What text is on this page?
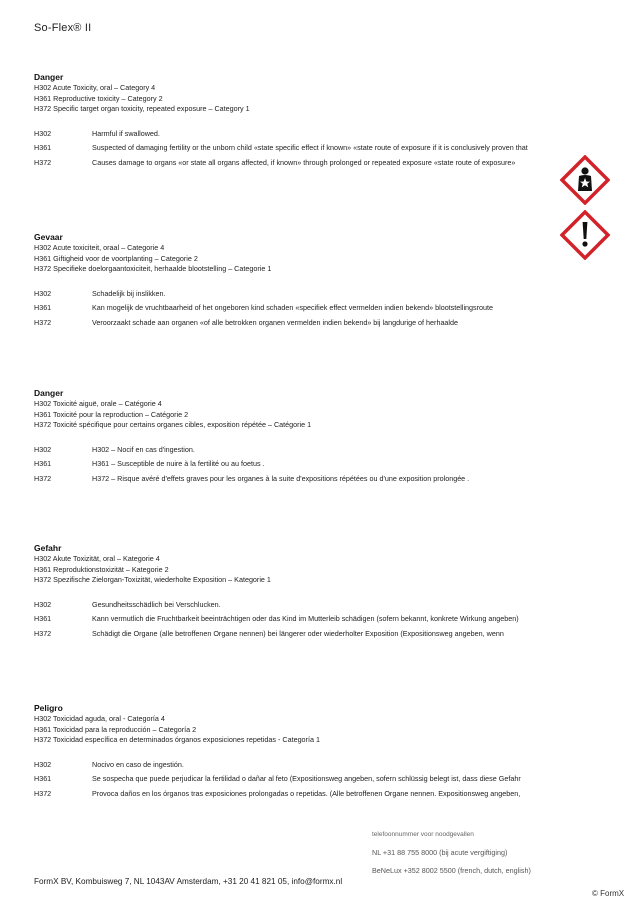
So-Flex® II
Danger
H302 Acute Toxicity, oral – Category 4
H361 Reproductive toxicity – Category 2
H372 Specific target organ toxicity, repeated exposure – Category 1
H302	Harmful if swallowed.
H361	Suspected of damaging fertility or the unborn child «state specific effect if known» «state route of exposure if it is conclusively proven that
H372	Causes damage to organs «or state all organs affected, if known» through prolonged or repeated exposure «state route of exposure»
Gevaar
H302 Acute toxiciteit, oraal – Categorie 4
H361 Giftigheid voor de voortplanting – Categorie 2
H372 Specifieke doelorgaantoxiciteit, herhaalde blootstelling – Categorie 1
H302	Schadelijk bij inslikken.
H361	Kan mogelijk de vruchtbaarheid of het ongeboren kind schaden «specifiek effect vermelden indien bekend» blootstellingsroute
H372	Veroorzaakt schade aan organen «of alle betrokken organen vermelden indien bekend» bij langdurige of herhaalde
Danger
H302 Toxicité aiguë, orale – Catégorie 4
H361 Toxicité pour la reproduction – Catégorie 2
H372 Toxicité spécifique pour certains organes cibles, exposition répétée – Catégorie 1
H302	H302 – Nocif en cas d'ingestion.
H361	H361 – Susceptible de nuire à la fertilité ou au foetus .
H372	H372 – Risque avéré d'effets graves pour les organes à la suite d'expositions répétées ou d'une exposition prolongée .
Gefahr
H302 Akute Toxizität, oral – Kategorie 4
H361 Reproduktionstoxizität – Kategorie 2
H372 Spezifische Zielorgan-Toxizität, wiederholte Exposition – Kategorie 1
H302	Gesundheitsschädlich bei Verschlucken.
H361	Kann vermutlich die Fruchtbarkeit beeinträchtigen oder das Kind im Mutterleib schädigen (sofern bekannt, konkrete Wirkung angeben)
H372	Schädigt die Organe (alle betroffenen Organe nennen) bei längerer oder wiederholter Exposition (Expositionsweg angeben, wenn
Peligro
H302 Toxicidad aguda, oral - Categoría 4
H361 Toxicidad para la reproducción – Categoría 2
H372 Toxicidad específica en determinados órganos exposiciones repetidas - Categoría 1
H302	Nocivo en caso de ingestión.
H361	Se sospecha que puede perjudicar la fertilidad o dañar al feto (Expositionsweg angeben, sofern schlüssig belegt ist, dass diese Gefahr
H372	Provoca daños en los órganos tras exposiciones prolongadas o repetidas. (Alle betroffenen Organe nennen. Expositionsweg angeben,
telefoonnummer voor noodgevallen
NL +31 88 755 8000 (bij acute vergiftiging)
BeNeLux +352 8002 5500 (french, dutch, english)
FormX BV, Kombuisweg 7, NL 1043AV Amsterdam, +31 20 41 821 05, info@formx.nl
© FormX
